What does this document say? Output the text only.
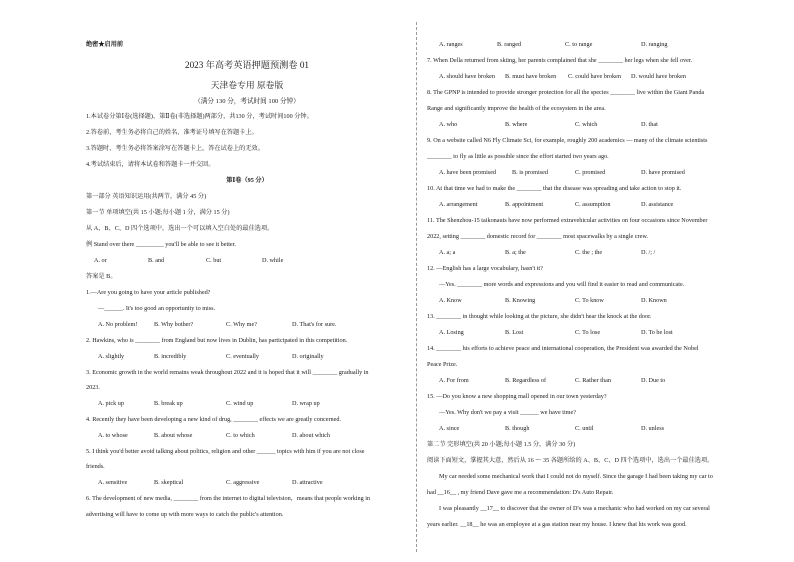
绝密★启用前
2023 年高考英语押题预测卷 01
天津卷专用 原卷版
（满分 130 分，考试时间 100 分钟）
1.本试卷分第Ⅰ卷(选择题)、第Ⅱ卷(非选择题)两部分，共130 分，考试时间100 分钟。
2.答卷前，考生务必将自己的姓名、准考证号填写在答题卡上。
3.答题时，考生务必将答案涂写在答题卡上，答在试卷上的无效。
4.考试结束后，请将本试卷和答题卡一并交回。
第Ⅰ卷（95 分）
第一部分 英语知识运用(共两节，满分 45 分)
第一节 单项填空(共 15 小题;每小题 1 分，满分 15 分)
从 A、B、C、D 四个选项中，选出一个可以填入空白处的最佳选项。
例 Stand over there _________ you'll be able to see it better.
A. or	B. and	C. but	D. while
答案是 B。
1.—Are you going to have your article published?
—______. It's too good an opportunity to miss.
A. No problem!	B. Why bother?	C. Why me?	D. That's for sure.
2. Hawkins, who is ________ from England but now lives in Dublin, has participated in this competition.
A. slightly	B. incredibly	C. eventually	D. originally
3. Economic growth in the world remains weak throughout 2022 and it is hoped that it will ________ gradually in
2023.
A. pick up	B. break up	C. wind up	D. wrap up
4. Recently they have been developing a new kind of drug, ________ effects we are greatly concerned.
A. to whose	B. about whose	C. to which	D. about which
5. I think you'd better avoid talking about politics, religion and other ______ topics with him if you are not close
friends.
A. sensitive	B. skeptical	C. aggressive	D. attractive
6. The development of new media, ________ from the internet to digital television，means that people working in
advertising will have to come up with more ways to catch the public's attention.
A. ranges	B. ranged	C. to range	D. ranging
7. When Della returned from skiing, her parents complained that she ________ her legs when she fell over.
A. should have broken B. must have broken C. could have broken D. would have broken
8. The GPNP is intended to provide stronger protection for all the species ________ live within the Giant Panda
Range and significantly improve the health of the ecosystem in the area.
A. who	B. where	C. which	D. that
9. On a website called N6 Fly Climate Sci, for example, roughly 200 academics — many of the climate scientists
________ to fly as little as possible since the effort started two years ago.
A. have been promised	B. is promised	C. promised	D. have promised
10. At that time we had to make the ________ that the disease was spreading and take action to stop it.
A. arrangement	B. appointment	C. assumption	D. assistance
11. The Shenzhou-15 taikonauts have now performed extravehicular activities on four occasions since November
2022, setting ________ domestic record for ________ most spacewalks by a single crew.
A. a; a	B. a; the	C. the ; the	D. /; /
12. —English has a large vocabulary, hasn't it?
—Yes. ________ more words and expressions and you will find it easier to read and communicate.
A. Know	B. Knowing	C. To know	D. Known
13. ________ in thought while looking at the picture, she didn't hear the knock at the door.
A. Losing	B. Lost	C. To lose	D. To be lost
14. ________ his efforts to achieve peace and international cooperation, the President was awarded the Nobel
Peace Prize.
A. For from	B. Regardless of	C. Rather than	D. Due to
15. —Do you know a new shopping mall opened in our town yesterday?
—Yes. Why don't we pay a visit ______ we have time?
A. since	B. though	C. until	D. unless
第二节 完形填空(共 20 小题;每小题 1.5 分，满分 30 分)
阅读下面短文，掌握其大意，然后从 16 ～ 35 各题所给的 A、B、C、D 四个选项中，选出一个最佳选项。
My car needed some mechanical work that I could not do myself. Since the garage I had been taking my car to
had __16__ , my friend Dave gave me a recommendation: D's Auto Repair.
I was pleasantly __17__ to discover that the owner of D's was a mechanic who had worked on my car several
years earlier. __18__ he was an employee at a gas station near my house. I knew that his work was good.
